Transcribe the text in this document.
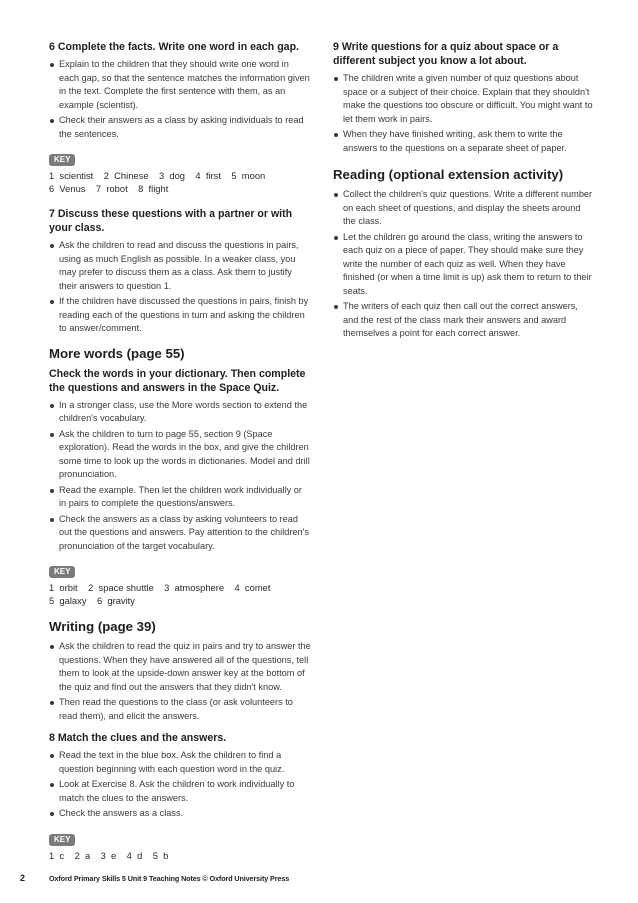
6 Complete the facts. Write one word in each gap.
Explain to the children that they should write one word in each gap, so that the sentence matches the information given in the text. Complete the first sentence with them, as an example (scientist).
Check their answers as a class by asking individuals to read the sentences.
KEY
1  scientist    2  Chinese    3  dog    4  first    5  moon
6  Venus    7  robot    8  flight
7 Discuss these questions with a partner or with your class.
Ask the children to read and discuss the questions in pairs, using as much English as possible. In a weaker class, you may prefer to discuss them as a class. Ask them to justify their answers to question 1.
If the children have discussed the questions in pairs, finish by reading each of the questions in turn and asking the children to answer/comment.
More words (page 55)
Check the words in your dictionary. Then complete the questions and answers in the Space Quiz.
In a stronger class, use the More words section to extend the children's vocabulary.
Ask the children to turn to page 55, section 9 (Space exploration). Read the words in the box, and give the children some time to look up the words in dictionaries. Model and drill pronunciation.
Read the example. Then let the children work individually or in pairs to complete the questions/answers.
Check the answers as a class by asking volunteers to read out the questions and answers. Pay attention to the children's pronunciation of the target vocabulary.
KEY
1  orbit    2  space shuttle    3  atmosphere    4  comet
5  galaxy    6  gravity
Writing (page 39)
Ask the children to read the quiz in pairs and try to answer the questions. When they have answered all of the questions, tell them to look at the upside-down answer key at the bottom of the quiz and find out the answers that they didn't know.
Then read the questions to the class (or ask volunteers to read them), and elicit the answers.
8 Match the clues and the answers.
Read the text in the blue box. Ask the children to find a question beginning with each question word in the quiz.
Look at Exercise 8. Ask the children to work individually to match the clues to the answers.
Check the answers as a class.
KEY
1  c    2  a    3  e    4  d    5  b
9 Write questions for a quiz about space or a different subject you know a lot about.
The children write a given number of quiz questions about space or a subject of their choice. Explain that they shouldn't make the questions too obscure or difficult. You might want to let them work in pairs.
When they have finished writing, ask them to write the answers to the questions on a separate sheet of paper.
Reading (optional extension activity)
Collect the children's quiz questions. Write a different number on each sheet of questions, and display the sheets around the class.
Let the children go around the class, writing the answers to each quiz on a piece of paper. They should make sure they write the number of each quiz as well. When they have finished (or when a time limit is up) ask them to return to their seats.
The writers of each quiz then call out the correct answers, and the rest of the class mark their answers and award themselves a point for each correct answer.
2	Oxford Primary Skills 5 Unit 9 Teaching Notes © Oxford University Press
